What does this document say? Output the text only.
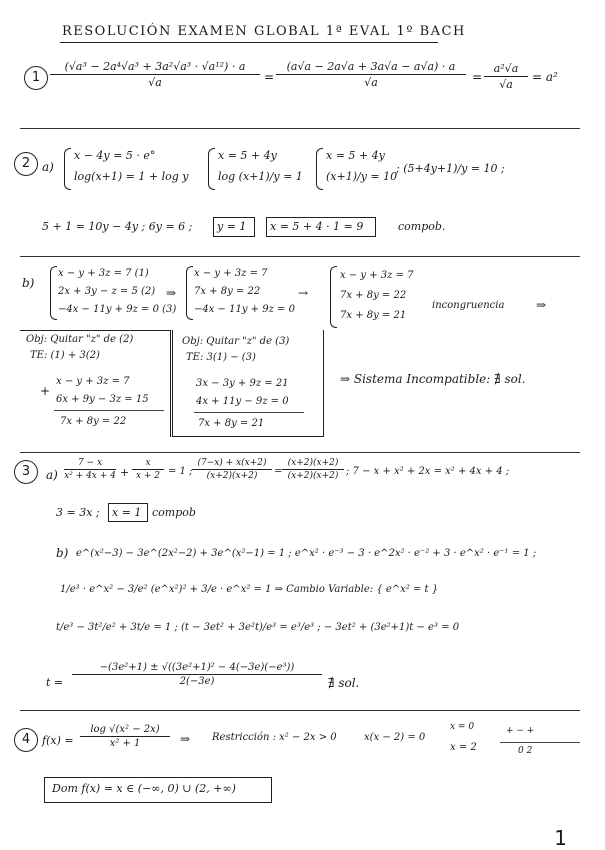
RESOLUCIÓN EXAMEN GLOBAL 1ª EVAL 1º BACH
$1 \frac{\text{(√a³ − 2a⁴√a³ + 3a²√a³ · √a¹²) · a}}{√a} = \frac{(a√a - 2a√a + 3a√a - a√a) \cdot a}{√a} = \frac{\text{a²√a}}{√a} = a^2$
2 a)
x − 4y = 5 · e°
log(x+1) = 1 + log y
x = 5 + 4y
log (x+1)/y = 1
x = 5 + 4y
(x+1)/y = 10
; (5+4y+1)/y = 10 ;
5 + 1 = 10y − 4y ; 6y = 6 ; y = 1 x = 5 + 4 · 1 = 9	compob.
b)
x − y + 3z = 7 (1)
2x + 3y − z = 5 (2)
−4x − 11y + 9z = 0 (3)
⇒
x − y + 3z = 7
7x + 8y = 22
−4x − 11y + 9z = 0
→
x − y + 3z = 7
7x + 8y = 22
7x + 8y = 21
incongruencia	⇒
Obj: Quitar "z" de (2)
TE: (1) + 3(2)
x − y + 3z = 7
+
6x + 9y − 3z = 15
7x + 8y = 22
Obj: Quitar "z" de (3)
TE: 3(1) − (3)
3x − 3y + 9z = 21
4x + 11y − 9z = 0
7x + 8y = 21
⇒ Sistema Incompatible: ∄ sol.
3	$a) \frac{7 - x}{\text{x² + 4x + 4}} + \frac{x}{x + 2} = 1$ ; $\frac{(7-x) + x(x+2)}{(x+2)(x+2)} = \frac{(x+2)(x+2)}{(x+2)(x+2)}$ ; 7 − x + x² + 2x = x² + 4x + 4 ;
3 = 3x ; x = 1 compob
b) e^(x²−3) − 3e^(2x²−2) + 3e^(x²−1) = 1 ; e^x² · e⁻³ − 3 · e^2x² · e⁻² + 3 · e^x² · e⁻¹ = 1 ;
1/e³ · e^x² − 3/e² (e^x²)² + 3/e · e^x² = 1 ⇒ Cambio Variable: { e^x² = t }
t/e³ − 3t²/e² + 3t/e = 1 ; (t − 3et² + 3e²t)/e³ = e³/e³ ; − 3et² + (3e²+1)t − e³ = 0
$t = \frac{\text{−(3e²+1) ± √((3e²+1)² − 4(−3e)(−e³))}}{2(-3e)}$ ∄ sol.
4	$f(x) = \frac{\text{log √(x² − 2x)}}{\text{x² + 1}}$ ⇒ Restricción : x² − 2x > 0	x(x − 2) = 0
x = 0
x = 2
+ − +
0 2
Dom f(x) = x ∈ (−∞, 0) ∪ (2, +∞)
1
